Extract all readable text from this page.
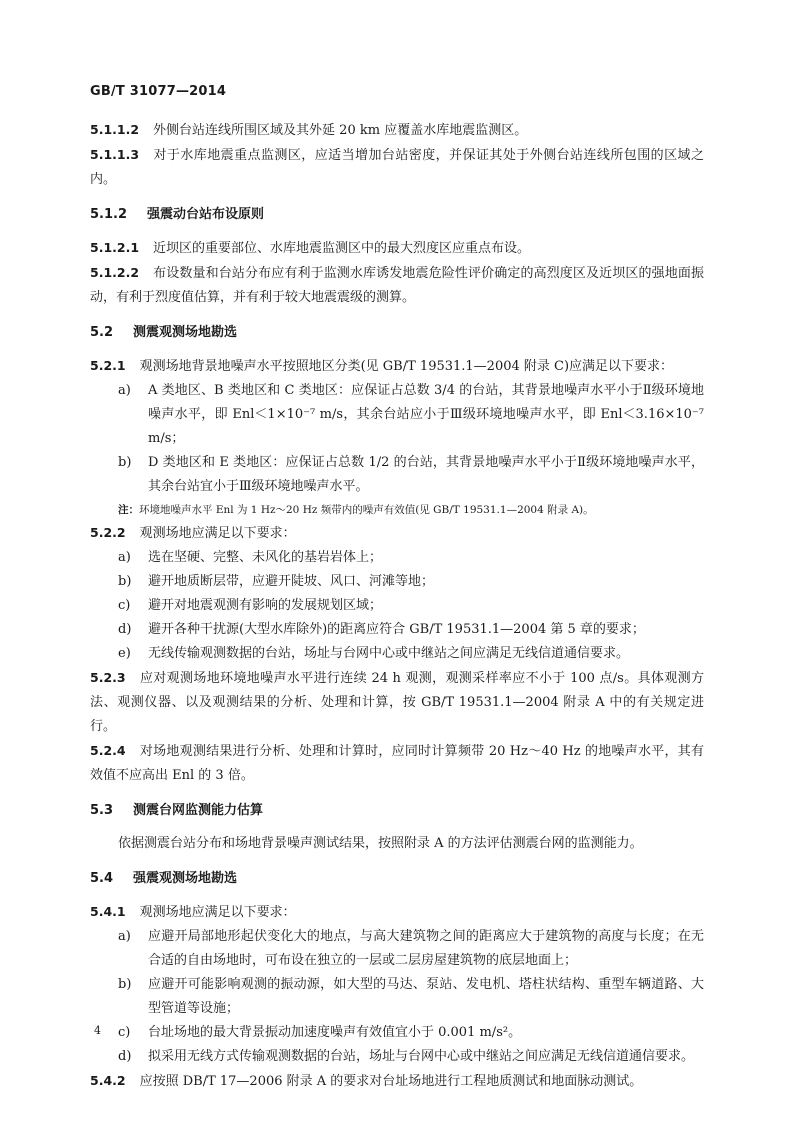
GB/T 31077—2014

5.1.1.2 外侧台站连线所围区域及其外延 20 km 应覆盖水库地震监测区。

5.1.1.3 对于水库地震重点监测区，应适当增加台站密度，并保证其处于外侧台站连线所包围的区域之内。

5.1.2 强震动台站布设原则

5.1.2.1 近坝区的重要部位、水库地震监测区中的最大烈度区应重点布设。

5.1.2.2 布设数量和台站分布应有利于监测水库诱发地震危险性评价确定的高烈度区及近坝区的强地面振动，有利于烈度值估算，并有利于较大地震震级的测算。

5.2 测震观测场地勘选

5.2.1 观测场地背景地噪声水平按照地区分类(见 GB/T 19531.1—2004 附录 C)应满足以下要求：

a)	A 类地区、B 类地区和 C 类地区：应保证占总数 3/4 的台站，其背景地噪声水平小于Ⅱ级环境地噪声水平，即 Enl＜1×10⁻⁷ m/s，其余台站应小于Ⅲ级环境地噪声水平，即 Enl＜3.16×10⁻⁷ m/s；
b)	D 类地区和 E 类地区：应保证占总数 1/2 的台站，其背景地噪声水平小于Ⅱ级环境地噪声水平，其余台站宜小于Ⅲ级环境地噪声水平。

注：环境地噪声水平 Enl 为 1 Hz～20 Hz 频带内的噪声有效值(见 GB/T 19531.1—2004 附录 A)。

5.2.2 观测场地应满足以下要求：

a)	选在坚硬、完整、未风化的基岩岩体上；
b)	避开地质断层带，应避开陡坡、风口、河滩等地；
c)	避开对地震观测有影响的发展规划区域；
d)	避开各种干扰源(大型水库除外)的距离应符合 GB/T 19531.1—2004 第 5 章的要求；
e)	无线传输观测数据的台站，场址与台网中心或中继站之间应满足无线信道通信要求。

5.2.3 应对观测场地环境地噪声水平进行连续 24 h 观测，观测采样率应不小于 100 点/s。具体观测方法、观测仪器、以及观测结果的分析、处理和计算，按 GB/T 19531.1—2004 附录 A 中的有关规定进行。

5.2.4 对场地观测结果进行分析、处理和计算时，应同时计算频带 20 Hz～40 Hz 的地噪声水平，其有效值不应高出 Enl 的 3 倍。

5.3 测震台网监测能力估算

依据测震台站分布和场地背景噪声测试结果，按照附录 A 的方法评估测震台网的监测能力。

5.4 强震观测场地勘选

5.4.1 观测场地应满足以下要求：

a)	应避开局部地形起伏变化大的地点，与高大建筑物之间的距离应大于建筑物的高度与长度；在无合适的自由场地时，可布设在独立的一层或二层房屋建筑物的底层地面上；
b)	应避开可能影响观测的振动源，如大型的马达、泵站、发电机、塔柱状结构、重型车辆道路、大型管道等设施；
c)	台址场地的最大背景振动加速度噪声有效值宜小于 0.001 m/s²。
d)	拟采用无线方式传输观测数据的台站，场址与台网中心或中继站之间应满足无线信道通信要求。

5.4.2 应按照 DB/T 17—2006 附录 A 的要求对台址场地进行工程地质测试和地面脉动测试。

4
